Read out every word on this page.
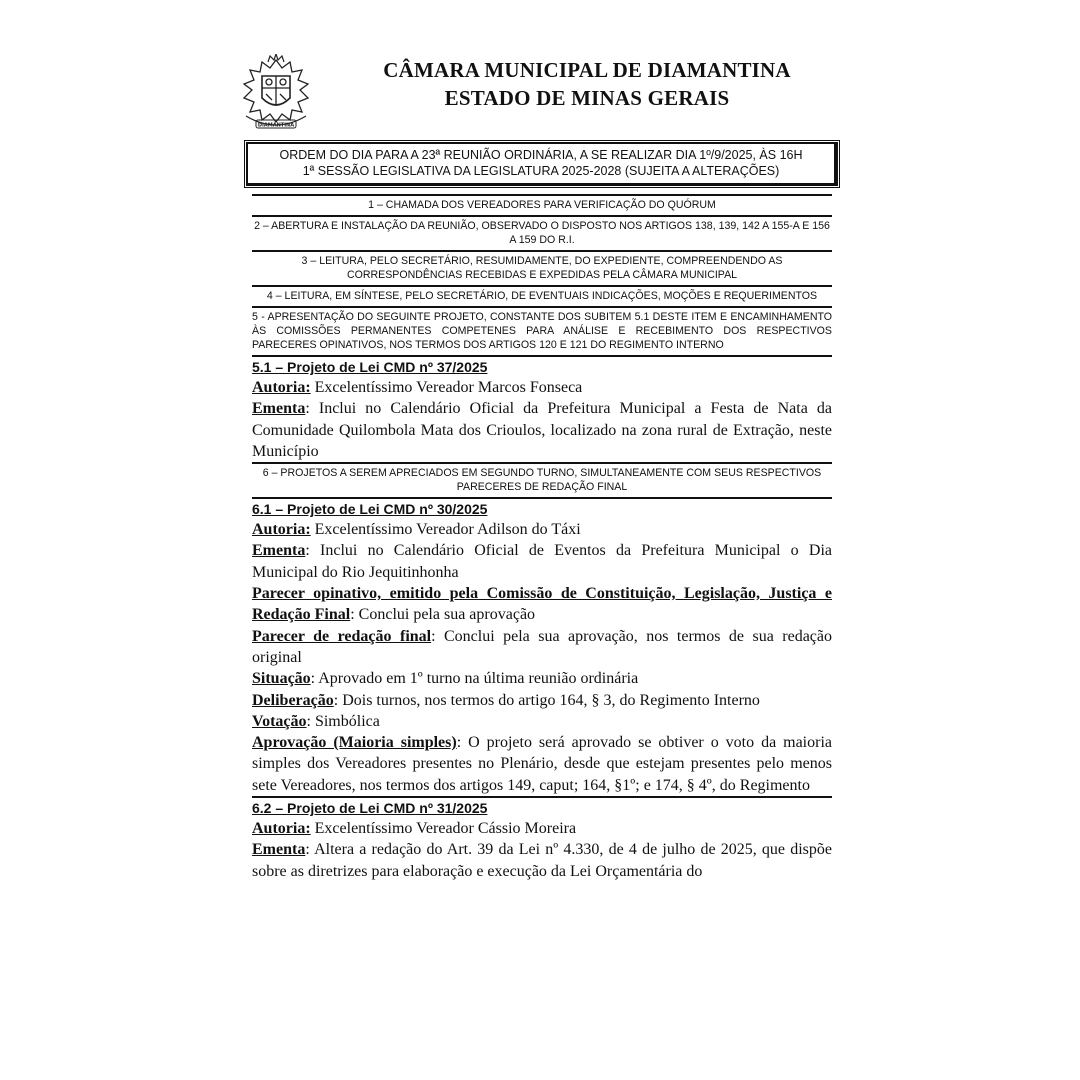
DIAMANTINA
CÂMARA MUNICIPAL DE DIAMANTINA
ESTADO DE MINAS GERAIS
ORDEM DO DIA PARA A 23ª REUNIÃO ORDINÁRIA, A SE REALIZAR DIA 1º/9/2025, ÀS 16H
1ª SESSÃO LEGISLATIVA DA LEGISLATURA 2025-2028 (SUJEITA A ALTERAÇÕES)
1 – CHAMADA DOS VEREADORES PARA VERIFICAÇÃO DO QUÓRUM
2 – ABERTURA E INSTALAÇÃO DA REUNIÃO, OBSERVADO O DISPOSTO NOS ARTIGOS 138, 139, 142 A 155-A E 156 A 159 DO R.I.
3 – LEITURA, PELO SECRETÁRIO, RESUMIDAMENTE, DO EXPEDIENTE, COMPREENDENDO AS CORRESPONDÊNCIAS RECEBIDAS E EXPEDIDAS PELA CÂMARA MUNICIPAL
4 – LEITURA, EM SÍNTESE, PELO SECRETÁRIO, DE EVENTUAIS INDICAÇÕES, MOÇÕES E REQUERIMENTOS
5 - APRESENTAÇÃO DO SEGUINTE PROJETO, CONSTANTE DOS SUBITEM 5.1 DESTE ITEM E ENCAMINHAMENTO ÀS COMISSÕES PERMANENTES COMPETENES PARA ANÁLISE E RECEBIMENTO DOS RESPECTIVOS PARECERES OPINATIVOS, NOS TERMOS DOS ARTIGOS 120 E 121 DO REGIMENTO INTERNO
5.1 – Projeto de Lei CMD nº 37/2025
Autoria: Excelentíssimo Vereador Marcos Fonseca
Ementa: Inclui no Calendário Oficial da Prefeitura Municipal a Festa de Nata da Comunidade Quilombola Mata dos Crioulos, localizado na zona rural de Extração, neste Município
6 – PROJETOS A SEREM APRECIADOS EM SEGUNDO TURNO, SIMULTANEAMENTE COM SEUS RESPECTIVOS PARECERES DE REDAÇÃO FINAL
6.1 – Projeto de Lei CMD nº 30/2025
Autoria: Excelentíssimo Vereador Adilson do Táxi
Ementa: Inclui no Calendário Oficial de Eventos da Prefeitura Municipal o Dia Municipal do Rio Jequitinhonha
Parecer opinativo, emitido pela Comissão de Constituição, Legislação, Justiça e Redação Final: Conclui pela sua aprovação
Parecer de redação final: Conclui pela sua aprovação, nos termos de sua redação original
Situação: Aprovado em 1º turno na última reunião ordinária
Deliberação: Dois turnos, nos termos do artigo 164, § 3, do Regimento Interno
Votação: Simbólica
Aprovação (Maioria simples): O projeto será aprovado se obtiver o voto da maioria simples dos Vereadores presentes no Plenário, desde que estejam presentes pelo menos sete Vereadores, nos termos dos artigos 149, caput; 164, §1º; e 174, § 4º, do Regimento
6.2 – Projeto de Lei CMD nº 31/2025
Autoria: Excelentíssimo Vereador Cássio Moreira
Ementa: Altera a redação do Art. 39 da Lei nº 4.330, de 4 de julho de 2025, que dispõe sobre as diretrizes para elaboração e execução da Lei Orçamentária do
